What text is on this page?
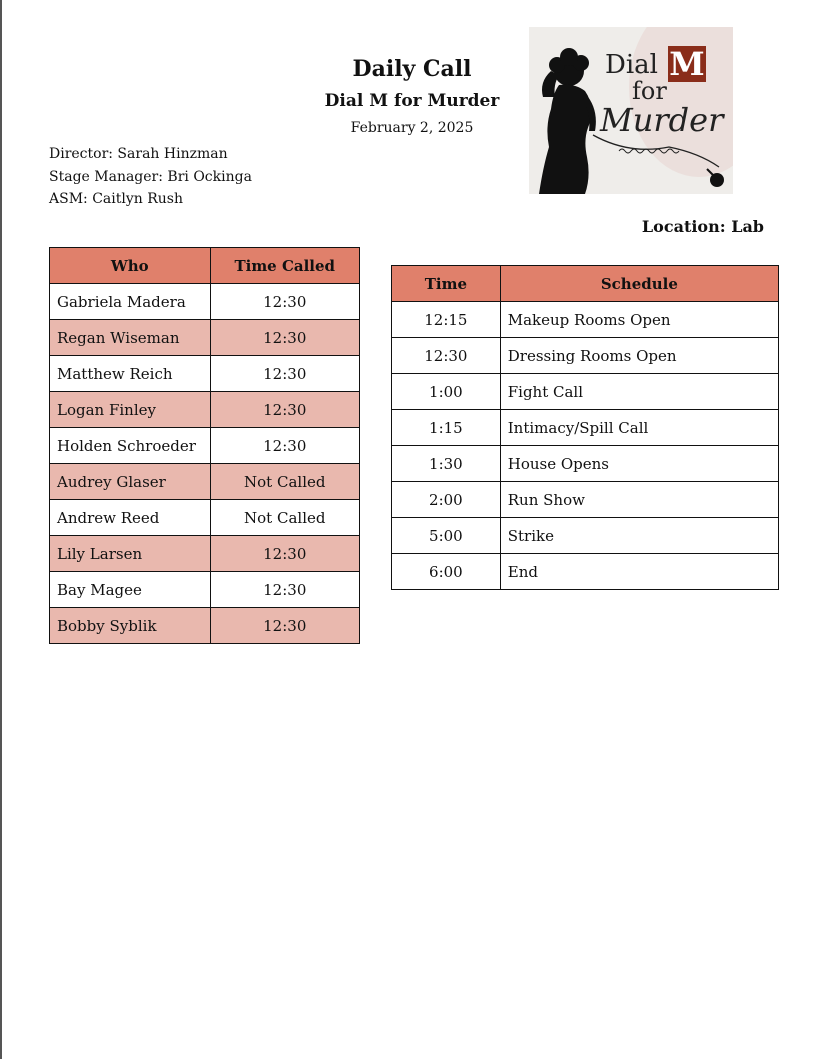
Daily Call
Dial M for Murder
February 2, 2025
Director: Sarah Hinzman
Stage Manager: Bri Ockinga
ASM: Caitlyn Rush
Dial M
for
Murder
Location: Lab
Who	Time Called
Gabriela Madera	12:30
Regan Wiseman	12:30
Matthew Reich	12:30
Logan Finley	12:30
Holden Schroeder	12:30
Audrey Glaser	Not Called
Andrew Reed	Not Called
Lily Larsen	12:30
Bay Magee	12:30
Bobby Syblik	12:30
Time	Schedule
12:15	Makeup Rooms Open
12:30	Dressing Rooms Open
1:00	Fight Call
1:15	Intimacy/Spill Call
1:30	House Opens
2:00	Run Show
5:00	Strike
6:00	End
